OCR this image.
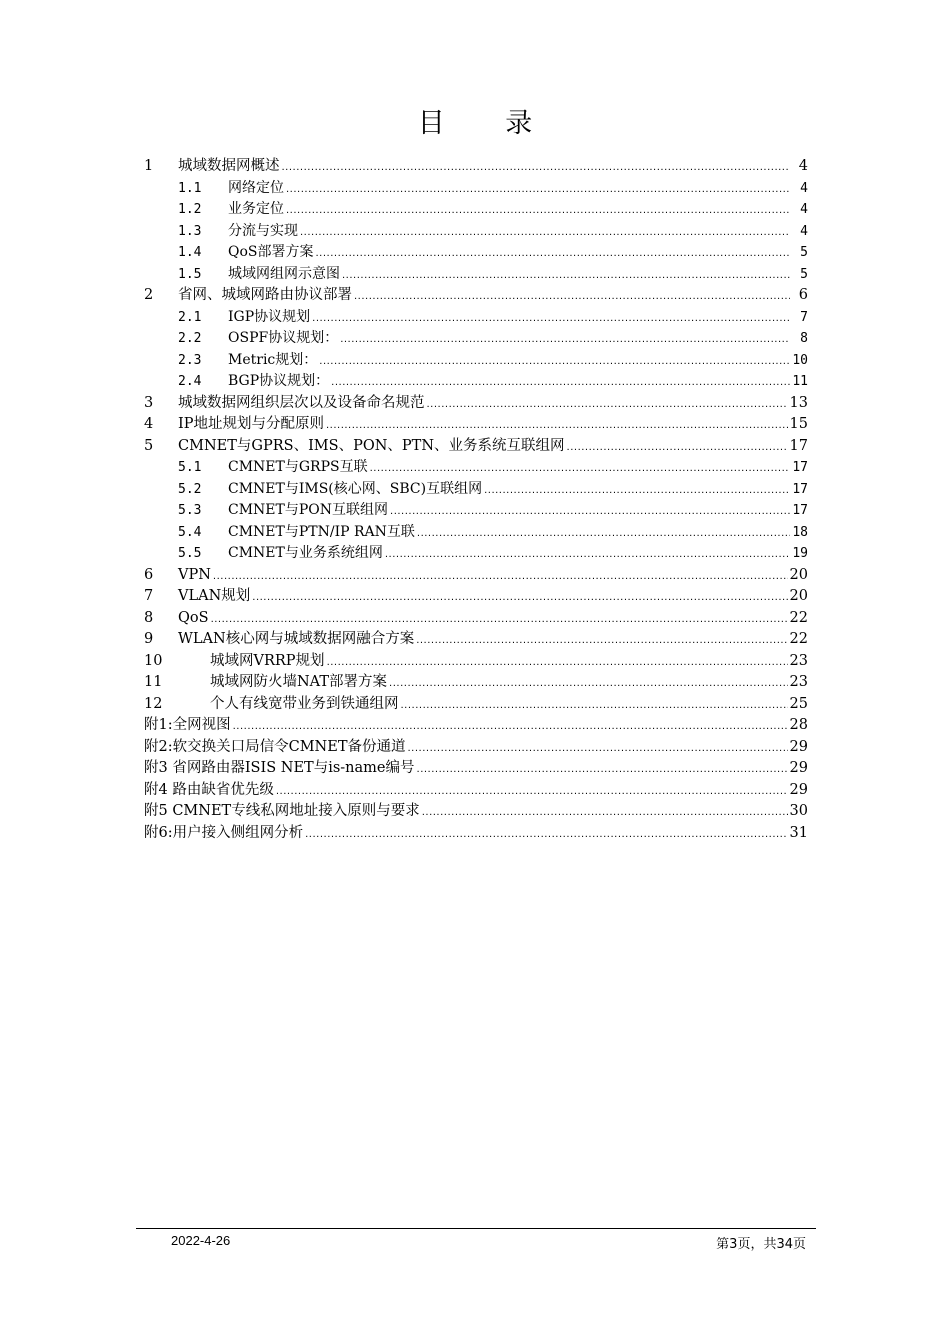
目 录
1	城域数据网概述 .....	4
1.1	网络定位 .....	4
1.2	业务定位 .....	4
1.3	分流与实现 .....	4
1.4	QoS部署方案 .....	5
1.5	城域网组网示意图 .....	5
2	省网、城域网路由协议部署 .....	6
2.1	IGP协议规划 .....	7
2.2	OSPF协议规划： .....	8
2.3	Metric规划： .....	10
2.4	BGP协议规划： .....	11
3	城域数据网组织层次以及设备命名规范 .....	13
4	IP地址规划与分配原则 .....	15
5	CMNET与GPRS、IMS、PON、PTN、业务系统互联组网 .....	17
5.1	CMNET与GRPS互联 .....	17
5.2	CMNET与IMS(核心网、SBC)互联组网 .....	17
5.3	CMNET与PON互联组网 .....	17
5.4	CMNET与PTN/IP RAN互联 .....	18
5.5	CMNET与业务系统组网 .....	19
6	VPN .....	20
7	VLAN规划 .....	20
8	QoS .....	22
9	WLAN核心网与城域数据网融合方案 .....	22
10	城域网VRRP规划 .....	23
11	城域网防火墙NAT部署方案 .....	23
12	个人有线宽带业务到铁通组网 .....	25
附1:全网视图 .....	28
附2:软交换关口局信令CMNET备份通道 .....	29
附3 省网路由器ISIS NET与is-name编号 .....	29
附4 路由缺省优先级 .....	29
附5 CMNET专线私网地址接入原则与要求 .....	30
附6:用户接入侧组网分析 .....	31
2022-4-26	第3页，共34页
